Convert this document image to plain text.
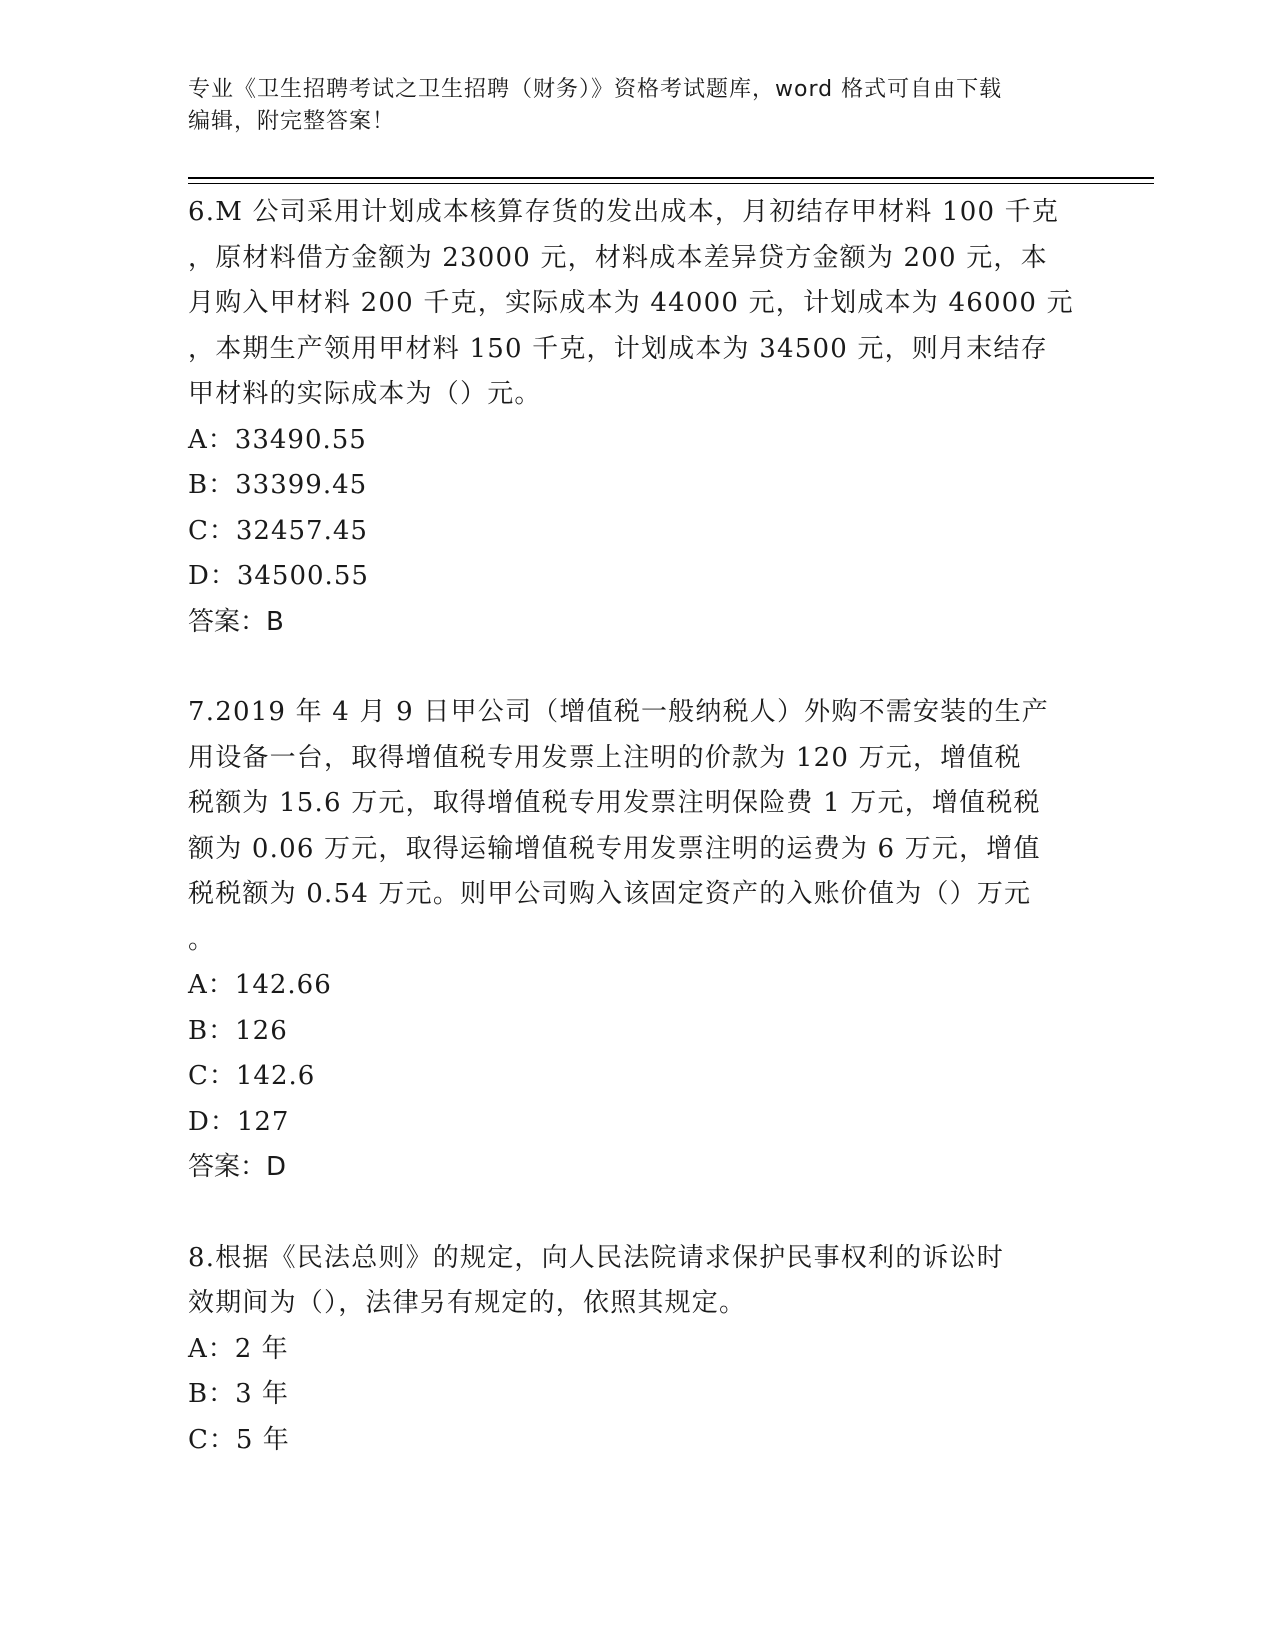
专业《卫生招聘考试之卫生招聘（财务）》资格考试题库，word 格式可自由下载
编辑，附完整答案！

6.M 公司采用计划成本核算存货的发出成本，月初结存甲材料 100 千克

，原材料借方金额为 23000 元，材料成本差异贷方金额为 200 元，本

月购入甲材料 200 千克，实际成本为 44000 元，计划成本为 46000 元

，本期生产领用甲材料 150 千克，计划成本为 34500 元，则月末结存

甲材料的实际成本为（）元。

A：33490.55

B：33399.45

C：32457.45

D：34500.55

答案：B

7.2019 年 4 月 9 日甲公司（增值税一般纳税人）外购不需安装的生产

用设备一台，取得增值税专用发票上注明的价款为 120 万元，增值税

税额为 15.6 万元，取得增值税专用发票注明保险费 1 万元，增值税税

额为 0.06 万元，取得运输增值税专用发票注明的运费为 6 万元，增值

税税额为 0.54 万元。则甲公司购入该固定资产的入账价值为（）万元

。

A：142.66

B：126

C：142.6

D：127

答案：D

8.根据《民法总则》的规定，向人民法院请求保护民事权利的诉讼时

效期间为（），法律另有规定的，依照其规定。

A：2 年

B：3 年

C：5 年
